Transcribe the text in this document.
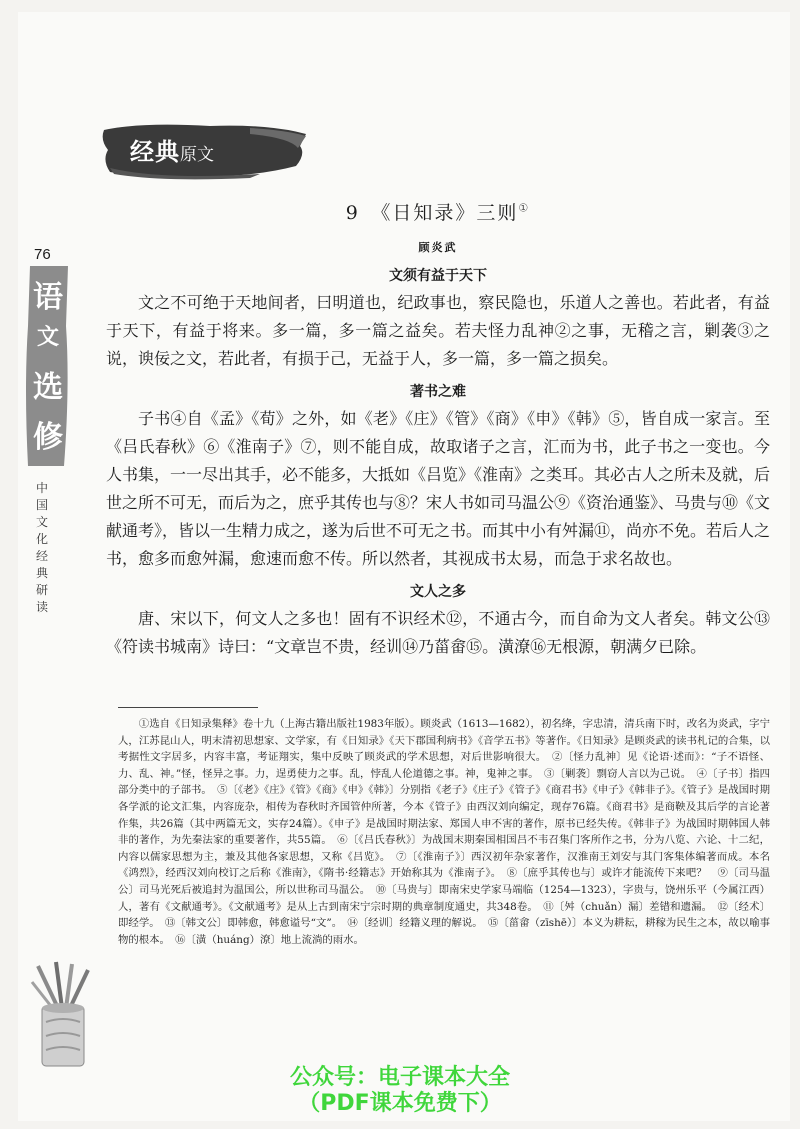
经典原文
76
语
文
选
修
中国文化经典研读
9　《日知录》三则①
顾炎武
文须有益于天下

文之不可绝于天地间者，曰明道也，纪政事也，察民隐也，乐道人之善也。若此者，有益于天下，有益于将来。多一篇，多一篇之益矣。若夫怪力乱神②之事，无稽之言，剿袭③之说，谀佞之文，若此者，有损于己，无益于人，多一篇，多一篇之损矣。

著书之难

子书④自《孟》《荀》之外，如《老》《庄》《管》《商》《申》《韩》⑤，皆自成一家言。至《吕氏春秋》⑥《淮南子》⑦，则不能自成，故取诸子之言，汇而为书，此子书之一变也。今人书集，一一尽出其手，必不能多，大抵如《吕览》《淮南》之类耳。其必古人之所未及就，后世之所不可无，而后为之，庶乎其传也与⑧？宋人书如司马温公⑨《资治通鉴》、马贵与⑩《文献通考》，皆以一生精力成之，遂为后世不可无之书。而其中小有舛漏⑪，尚亦不免。若后人之书，愈多而愈舛漏，愈速而愈不传。所以然者，其视成书太易，而急于求名故也。

文人之多

唐、宋以下，何文人之多也！固有不识经术⑫，不通古今，而自命为文人者矣。韩文公⑬《符读书城南》诗曰：“文章岂不贵，经训⑭乃菑畲⑮。潢潦⑯无根源，朝满夕已除。

①选自《日知录集释》卷十九（上海古籍出版社1983年版）。顾炎武（1613—1682），初名绛，字忠清，清兵南下时，改名为炎武，字宁人，江苏昆山人，明末清初思想家、文学家，有《日知录》《天下郡国利病书》《音学五书》等著作。《日知录》是顾炎武的读书札记的合集，以考据性文字居多，内容丰富，考证翔实，集中反映了顾炎武的学术思想，对后世影响很大。　②〔怪力乱神〕见《论语·述而》：“子不语怪、力、乱、神。”怪，怪异之事。力，逞勇使力之事。乱，悖乱人伦道德之事。神，鬼神之事。　③〔剿袭〕剽窃人言以为己说。　④〔子书〕指四部分类中的子部书。　⑤〔《老》《庄》《管》《商》《申》《韩》〕分别指《老子》《庄子》《管子》《商君书》《申子》《韩非子》。《管子》是战国时期各学派的论文汇集，内容庞杂，相传为春秋时齐国管仲所著，今本《管子》由西汉刘向编定，现存76篇。《商君书》是商鞅及其后学的言论著作集，共26篇（其中两篇无文，实存24篇）。《申子》是战国时期法家、郑国人申不害的著作，原书已经失传。《韩非子》为战国时期韩国人韩非的著作，为先秦法家的重要著作，共55篇。　⑥〔《吕氏春秋》〕为战国末期秦国相国吕不韦召集门客所作之书，分为八览、六论、十二纪，内容以儒家思想为主，兼及其他各家思想，又称《吕览》。　⑦〔《淮南子》〕西汉初年杂家著作，汉淮南王刘安与其门客集体编著而成。本名《鸿烈》，经西汉刘向校订之后称《淮南》，《隋书·经籍志》开始称其为《淮南子》。　⑧〔庶乎其传也与〕或许才能流传下来吧？　⑨〔司马温公〕司马光死后被追封为温国公，所以世称司马温公。　⑩〔马贵与〕即南宋史学家马端临（1254—1323），字贵与，饶州乐平（今属江西）人，著有《文献通考》。《文献通考》是从上古到南宋宁宗时期的典章制度通史，共348卷。　⑪〔舛（chuǎn）漏〕差错和遗漏。　⑫〔经术〕即经学。　⑬〔韩文公〕即韩愈，韩愈谥号“文”。　⑭〔经训〕经籍义理的解说。　⑮〔菑畲（zīshē）〕本义为耕耘，耕稼为民生之本，故以喻事物的根本。　⑯〔潢（huáng）潦〕地上流淌的雨水。

公众号：电子课本大全
（PDF课本免费下）
